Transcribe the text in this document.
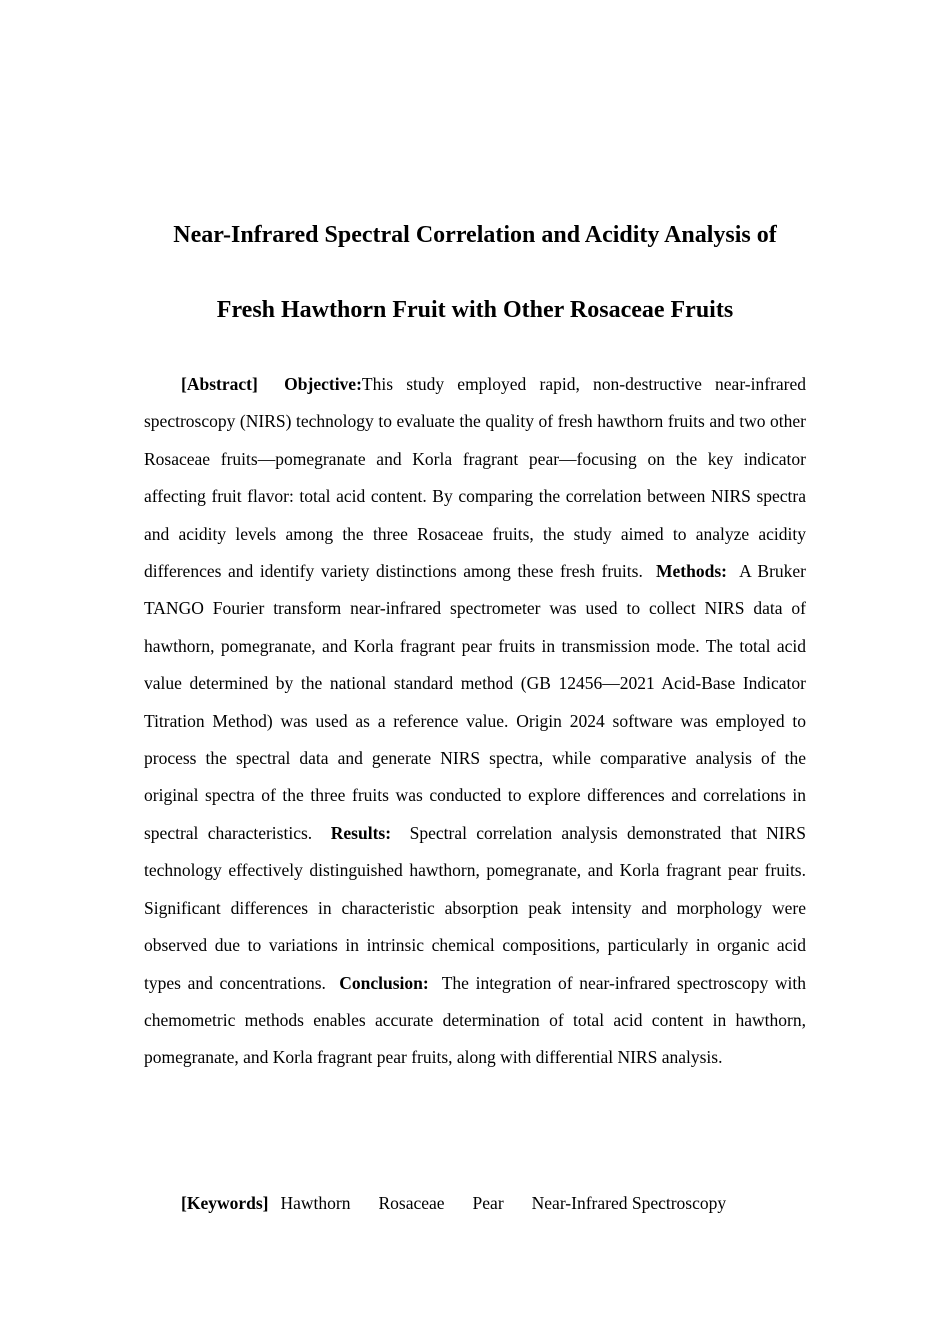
Near-Infrared Spectral Correlation and Acidity Analysis of
Fresh Hawthorn Fruit with Other Rosaceae Fruits

[Abstract] Objective:This study employed rapid, non-destructive near-infrared spectroscopy (NIRS) technology to evaluate the quality of fresh hawthorn fruits and two other Rosaceae fruits—pomegranate and Korla fragrant pear—focusing on the key indicator affecting fruit flavor: total acid content. By comparing the correlation between NIRS spectra and acidity levels among the three Rosaceae fruits, the study aimed to analyze acidity differences and identify variety distinctions among these fresh fruits. Methods: A Bruker TANGO Fourier transform near-infrared spectrometer was used to collect NIRS data of hawthorn, pomegranate, and Korla fragrant pear fruits in transmission mode. The total acid value determined by the national standard method (GB 12456—2021 Acid-Base Indicator Titration Method) was used as a reference value. Origin 2024 software was employed to process the spectral data and generate NIRS spectra, while comparative analysis of the original spectra of the three fruits was conducted to explore differences and correlations in spectral characteristics. Results: Spectral correlation analysis demonstrated that NIRS technology effectively distinguished hawthorn, pomegranate, and Korla fragrant pear fruits. Significant differences in characteristic absorption peak intensity and morphology were observed due to variations in intrinsic chemical compositions, particularly in organic acid types and concentrations. Conclusion: The integration of near-infrared spectroscopy with chemometric methods enables accurate determination of total acid content in hawthorn, pomegranate, and Korla fragrant pear fruits, along with differential NIRS analysis.

[Keywords] Hawthorn Rosaceae Pear Near-Infrared Spectroscopy
